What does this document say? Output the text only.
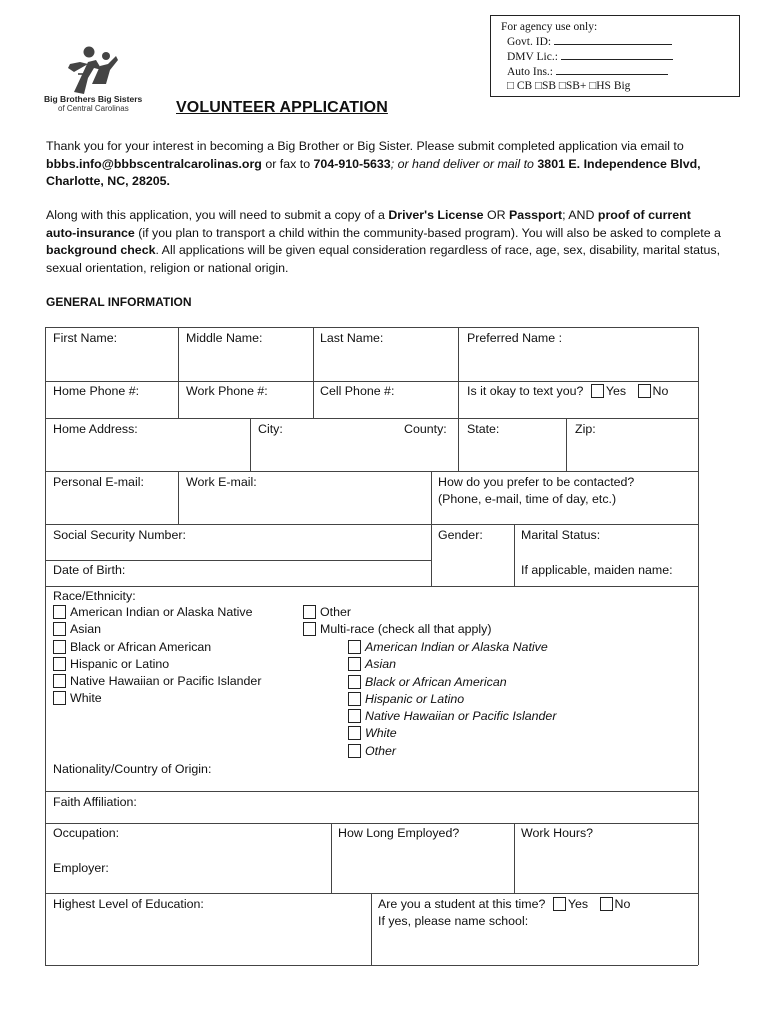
For agency use only:
Govt. ID:
DMV Lic.:
Auto Ins.:
□ CB □SB □SB+ □HS Big
Big Brothers Big Sisters
of Central Carolinas	VOLUNTEER APPLICATION
Thank you for your interest in becoming a Big Brother or Big Sister. Please submit completed application via email to bbbs.info@bbbscentralcarolinas.org or fax to 704-910-5633; or hand deliver or mail to 3801 E. Independence Blvd, Charlotte, NC, 28205.
Along with this application, you will need to submit a copy of a Driver's License OR Passport; AND proof of current auto-insurance (if you plan to transport a child within the community-based program). You will also be asked to complete a background check. All applications will be given equal consideration regardless of race, age, sex, disability, marital status, sexual orientation, religion or national origin.
GENERAL INFORMATION
First Name:	Middle Name:	Last Name:	Preferred Name :
Home Phone #:	Work Phone #:	Cell Phone #:	Is it okay to text you? Yes No
Home Address:	City:	County: State:	Zip:
Personal E-mail:	Work E-mail:	How do you prefer to be contacted?
(Phone, e-mail, time of day, etc.)
Social Security Number:	Gender:	Marital Status:
Date of Birth:	If applicable, maiden name:
Race/Ethnicity:
American Indian or Alaska Native
Asian
Black or African American
Hispanic or Latino
Native Hawaiian or Pacific Islander
White
Other
Multi-race (check all that apply)
American Indian or Alaska Native
Asian
Black or African American
Hispanic or Latino
Native Hawaiian or Pacific Islander
White
Other
Nationality/Country of Origin:
Faith Affiliation:
Occupation:	How Long Employed?	Work Hours?
Employer:
Highest Level of Education:	Are you a student at this time? Yes No
If yes, please name school:
